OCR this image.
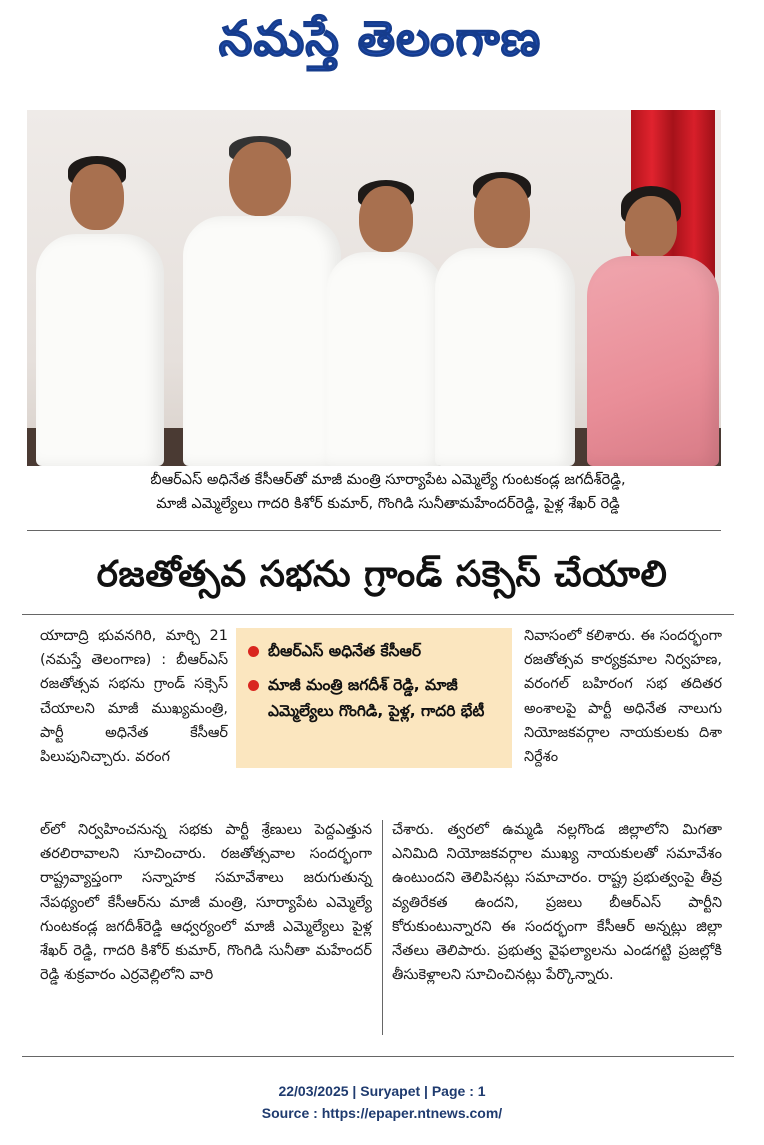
నమస్తే తెలంగాణ
బీఆర్ఎస్ అధినేత కేసీఆర్‌తో మాజీ మంత్రి సూర్యాపేట ఎమ్మెల్యే గుంటకండ్ల జగదీశ్‌రెడ్డి,
మాజీ ఎమ్మెల్యేలు గాదరి కిశోర్ కుమార్, గొంగిడి సునీతామహేందర్‌రెడ్డి, పైళ్ల శేఖర్ రెడ్డి
రజతోత్సవ సభను గ్రాండ్ సక్సెస్ చేయాలి

యాదాద్రి భువనగిరి, మార్చి 21 (నమస్తే తెలంగాణ) : బీఆర్ఎస్ రజతోత్సవ సభను గ్రాండ్ సక్సెస్ చేయాలని మాజీ ముఖ్యమంత్రి, పార్టీ అధినేత కేసీఆర్ పిలుపునిచ్చారు. వరంగ

బీఆర్ఎస్ అధినేత కేసీఆర్
మాజీ మంత్రి జగదీశ్ రెడ్డి, మాజీ ఎమ్మెల్యేలు గొంగిడి, పైళ్ల, గాదరి భేటీ

నివాసంలో కలిశారు. ఈ సందర్భంగా రజతోత్సవ కార్యక్రమాల నిర్వహణ, వరంగల్ బహిరంగ సభ తదితర అంశాలపై పార్టీ అధినేత నాలుగు నియోజకవర్గాల నాయకులకు దిశా నిర్దేశం

ల్‌లో నిర్వహించనున్న సభకు పార్టీ శ్రేణులు పెద్దఎత్తున తరలిరావాలని సూచించారు. రజతోత్సవాల సందర్భంగా రాష్ట్రవ్యాప్తంగా సన్నాహక సమావేశాలు జరుగుతున్న నేపథ్యంలో కేసీఆర్‌ను మాజీ మంత్రి, సూర్యాపేట ఎమ్మెల్యే గుంటకండ్ల జగదీశ్‌రెడ్డి ఆధ్వర్యంలో మాజీ ఎమ్మెల్యేలు పైళ్ల శేఖర్ రెడ్డి, గాదరి కిశోర్ కుమార్, గొంగిడి సునీతా మహేందర్ రెడ్డి శుక్రవారం ఎర్రవెల్లిలోని వారి

చేశారు. త్వరలో ఉమ్మడి నల్లగొండ జిల్లాలోని మిగతా ఎనిమిది నియోజకవర్గాల ముఖ్య నాయకులతో సమావేశం ఉంటుందని తెలిపినట్లు సమాచారం. రాష్ట్ర ప్రభుత్వంపై తీవ్ర వ్యతిరేకత ఉందని, ప్రజలు బీఆర్ఎస్ పార్టీని కోరుకుంటున్నారని ఈ సందర్భంగా కేసీఆర్ అన్నట్లు జిల్లా నేతలు తెలిపారు. ప్రభుత్వ వైఫల్యాలను ఎండగట్టి ప్రజల్లోకి తీసుకెళ్లాలని సూచించినట్లు పేర్కొన్నారు.

22/03/2025 | Suryapet | Page : 1
Source : https://epaper.ntnews.com/
